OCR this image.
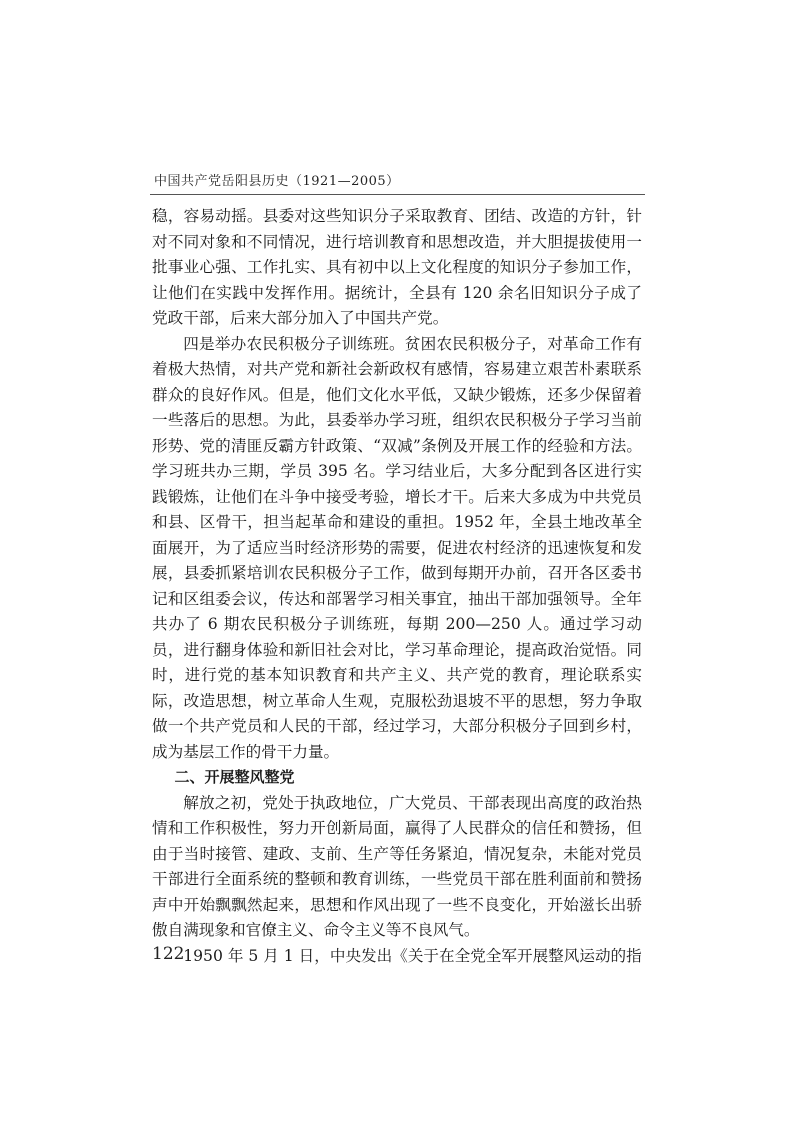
中国共产党岳阳县历史（1921—2005）

稳，容易动摇。县委对这些知识分子采取教育、团结、改造的方针，针对不同对象和不同情况，进行培训教育和思想改造，并大胆提拔使用一批事业心强、工作扎实、具有初中以上文化程度的知识分子参加工作，让他们在实践中发挥作用。据统计，全县有 120 余名旧知识分子成了党政干部，后来大部分加入了中国共产党。

四是举办农民积极分子训练班。贫困农民积极分子，对革命工作有着极大热情，对共产党和新社会新政权有感情，容易建立艰苦朴素联系群众的良好作风。但是，他们文化水平低，又缺少锻炼，还多少保留着一些落后的思想。为此，县委举办学习班，组织农民积极分子学习当前形势、党的清匪反霸方针政策、“双减”条例及开展工作的经验和方法。学习班共办三期，学员 395 名。学习结业后，大多分配到各区进行实践锻炼，让他们在斗争中接受考验，增长才干。后来大多成为中共党员和县、区骨干，担当起革命和建设的重担。1952 年，全县土地改革全面展开，为了适应当时经济形势的需要，促进农村经济的迅速恢复和发展，县委抓紧培训农民积极分子工作，做到每期开办前，召开各区委书记和区组委会议，传达和部署学习相关事宜，抽出干部加强领导。全年共办了 6 期农民积极分子训练班，每期 200—250 人。通过学习动员，进行翻身体验和新旧社会对比，学习革命理论，提高政治觉悟。同时，进行党的基本知识教育和共产主义、共产党的教育，理论联系实际，改造思想，树立革命人生观，克服松劲退坡不平的思想，努力争取做一个共产党员和人民的干部，经过学习，大部分积极分子回到乡村，成为基层工作的骨干力量。

二、开展整风整党

解放之初，党处于执政地位，广大党员、干部表现出高度的政治热情和工作积极性，努力开创新局面，赢得了人民群众的信任和赞扬，但由于当时接管、建政、支前、生产等任务紧迫，情况复杂，未能对党员干部进行全面系统的整顿和教育训练，一些党员干部在胜利面前和赞扬声中开始飘飘然起来，思想和作风出现了一些不良变化，开始滋长出骄傲自满现象和官僚主义、命令主义等不良风气。

1950 年 5 月 1 日，中央发出《关于在全党全军开展整风运动的指

122
